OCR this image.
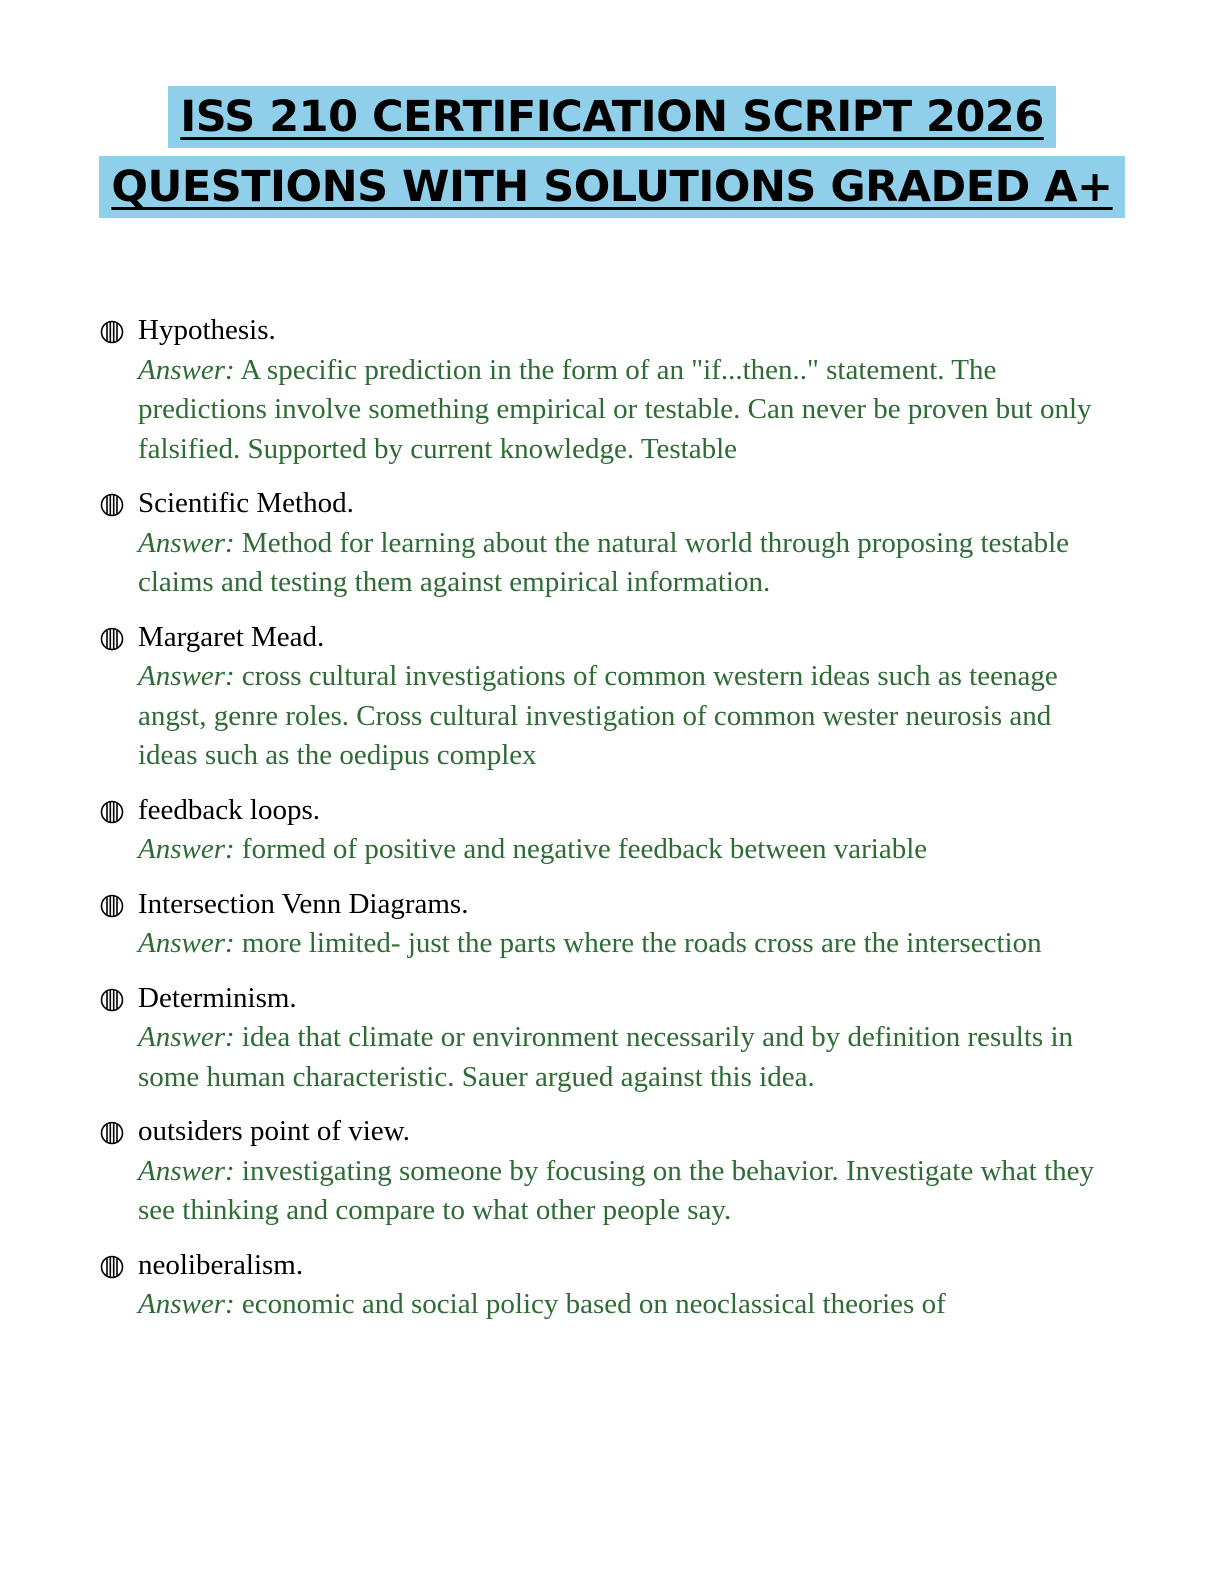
ISS 210 CERTIFICATION SCRIPT 2026
QUESTIONS WITH SOLUTIONS GRADED A+
Hypothesis.
Answer: A specific prediction in the form of an "if...then.." statement. The predictions involve something empirical or testable. Can never be proven but only falsified. Supported by current knowledge. Testable
Scientific Method.
Answer: Method for learning about the natural world through proposing testable claims and testing them against empirical information.
Margaret Mead.
Answer: cross cultural investigations of common western ideas such as teenage angst, genre roles. Cross cultural investigation of common wester neurosis and ideas such as the oedipus complex
feedback loops.
Answer: formed of positive and negative feedback between variable
Intersection Venn Diagrams.
Answer: more limited- just the parts where the roads cross are the intersection
Determinism.
Answer: idea that climate or environment necessarily and by definition results in some human characteristic. Sauer argued against this idea.
outsiders point of view.
Answer: investigating someone by focusing on the behavior. Investigate what they see thinking and compare to what other people say.
neoliberalism.
Answer: economic and social policy based on neoclassical theories of
